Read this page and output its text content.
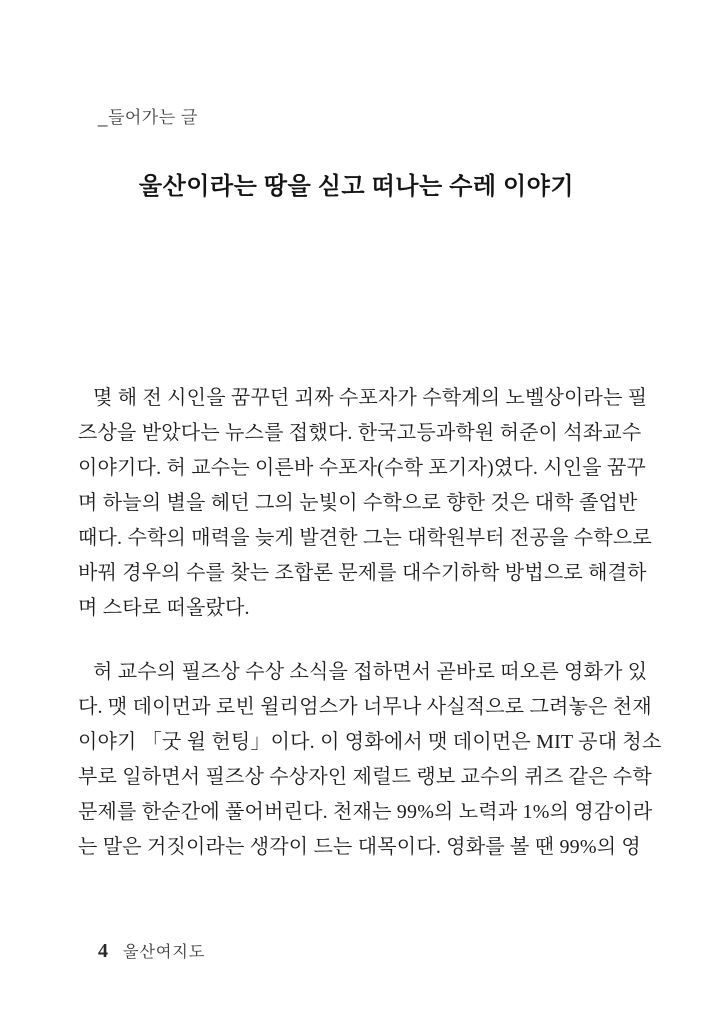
_들어가는 글
울산이라는 땅을 싣고 떠나는 수레 이야기
몇 해 전 시인을 꿈꾸던 괴짜 수포자가 수학계의 노벨상이라는 필
즈상을 받았다는 뉴스를 접했다. 한국고등과학원 허준이 석좌교수
이야기다. 허 교수는 이른바 수포자(수학 포기자)였다. 시인을 꿈꾸
며 하늘의 별을 헤던 그의 눈빛이 수학으로 향한 것은 대학 졸업반
때다. 수학의 매력을 늦게 발견한 그는 대학원부터 전공을 수학으로
바꿔 경우의 수를 찾는 조합론 문제를 대수기하학 방법으로 해결하
며 스타로 떠올랐다.
허 교수의 필즈상 수상 소식을 접하면서 곧바로 떠오른 영화가 있
다. 맷 데이먼과 로빈 윌리엄스가 너무나 사실적으로 그려놓은 천재
이야기 「굿 윌 헌팅」이다. 이 영화에서 맷 데이먼은 MIT 공대 청소
부로 일하면서 필즈상 수상자인 제럴드 랭보 교수의 퀴즈 같은 수학
문제를 한순간에 풀어버린다. 천재는 99%의 노력과 1%의 영감이라
는 말은 거짓이라는 생각이 드는 대목이다. 영화를 볼 땐 99%의 영
4 울산여지도
